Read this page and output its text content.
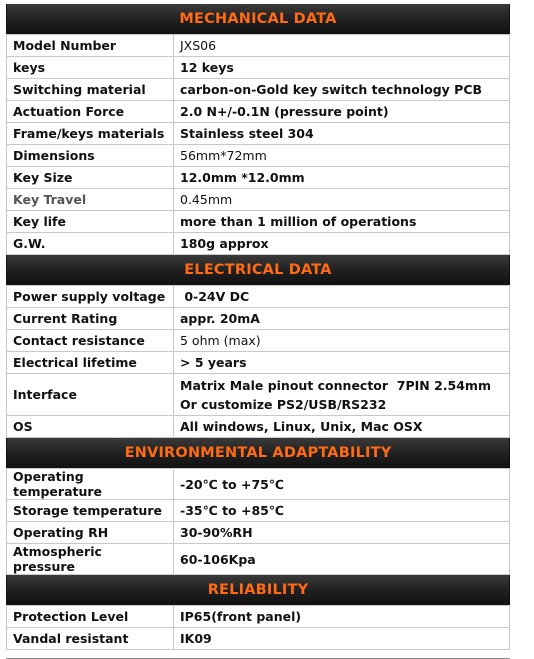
MECHANICAL DATA
Model Number	JXS06
keys	12 keys
Switching material	carbon-on-Gold key switch technology PCB
Actuation Force	2.0 N+/-0.1N (pressure point)
Frame/keys materials	Stainless steel 304
Dimensions	56mm*72mm
Key Size	12.0mm *12.0mm
Key Travel	0.45mm
Key life	more than 1 million of operations
G.W.	180g approx
ELECTRICAL DATA
Power supply voltage	0-24V DC
Current Rating	appr. 20mA
Contact resistance	5 ohm (max)
Electrical lifetime	> 5 years
Interface	Matrix Male pinout connector  7PIN 2.54mm
Or customize PS2/USB/RS232

OS	All windows, Linux, Unix, Mac OSX
ENVIRONMENTAL ADAPTABILITY
Operating temperature	-20℃ to +75℃
Storage temperature	-35℃ to +85℃
Operating RH	30-90%RH
Atmospheric pressure	60-106Kpa
RELIABILITY
Protection Level	IP65(front panel)
Vandal resistant	IK09
